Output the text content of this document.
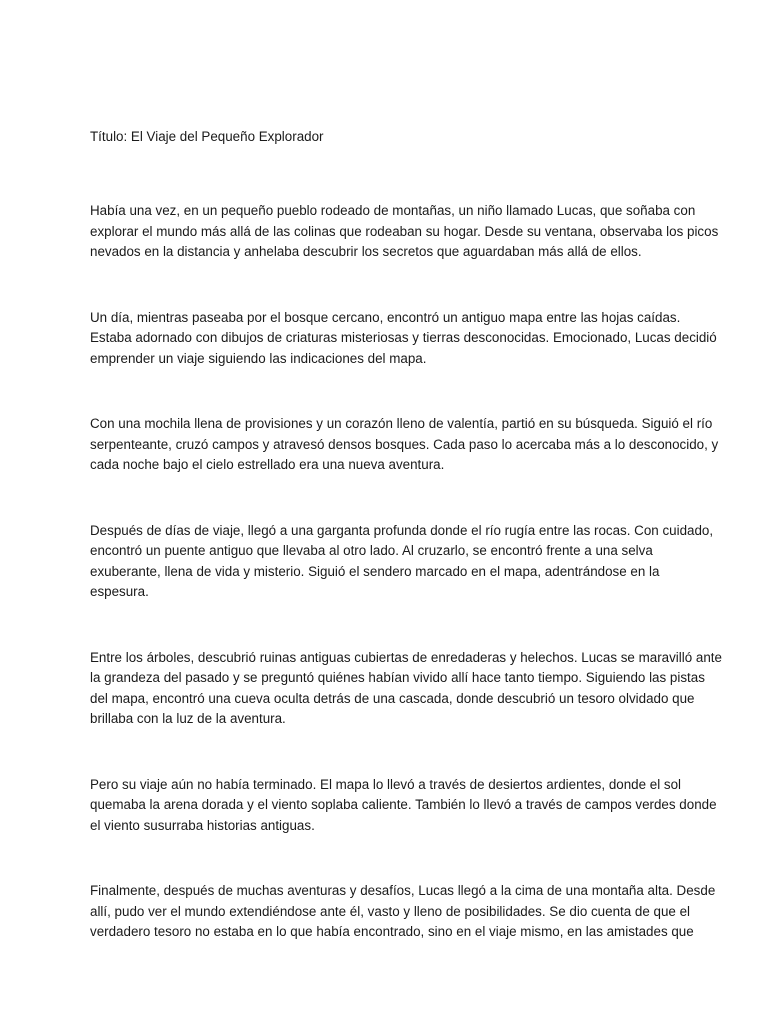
Título: El Viaje del Pequeño Explorador

Había una vez, en un pequeño pueblo rodeado de montañas, un niño llamado Lucas, que soñaba con
explorar el mundo más allá de las colinas que rodeaban su hogar. Desde su ventana, observaba los picos
nevados en la distancia y anhelaba descubrir los secretos que aguardaban más allá de ellos.

Un día, mientras paseaba por el bosque cercano, encontró un antiguo mapa entre las hojas caídas.
Estaba adornado con dibujos de criaturas misteriosas y tierras desconocidas. Emocionado, Lucas decidió
emprender un viaje siguiendo las indicaciones del mapa.

Con una mochila llena de provisiones y un corazón lleno de valentía, partió en su búsqueda. Siguió el río
serpenteante, cruzó campos y atravesó densos bosques. Cada paso lo acercaba más a lo desconocido, y
cada noche bajo el cielo estrellado era una nueva aventura.

Después de días de viaje, llegó a una garganta profunda donde el río rugía entre las rocas. Con cuidado,
encontró un puente antiguo que llevaba al otro lado. Al cruzarlo, se encontró frente a una selva
exuberante, llena de vida y misterio. Siguió el sendero marcado en el mapa, adentrándose en la
espesura.

Entre los árboles, descubrió ruinas antiguas cubiertas de enredaderas y helechos. Lucas se maravilló ante
la grandeza del pasado y se preguntó quiénes habían vivido allí hace tanto tiempo. Siguiendo las pistas
del mapa, encontró una cueva oculta detrás de una cascada, donde descubrió un tesoro olvidado que
brillaba con la luz de la aventura.

Pero su viaje aún no había terminado. El mapa lo llevó a través de desiertos ardientes, donde el sol
quemaba la arena dorada y el viento soplaba caliente. También lo llevó a través de campos verdes donde
el viento susurraba historias antiguas.

Finalmente, después de muchas aventuras y desafíos, Lucas llegó a la cima de una montaña alta. Desde
allí, pudo ver el mundo extendiéndose ante él, vasto y lleno de posibilidades. Se dio cuenta de que el
verdadero tesoro no estaba en lo que había encontrado, sino en el viaje mismo, en las amistades que
